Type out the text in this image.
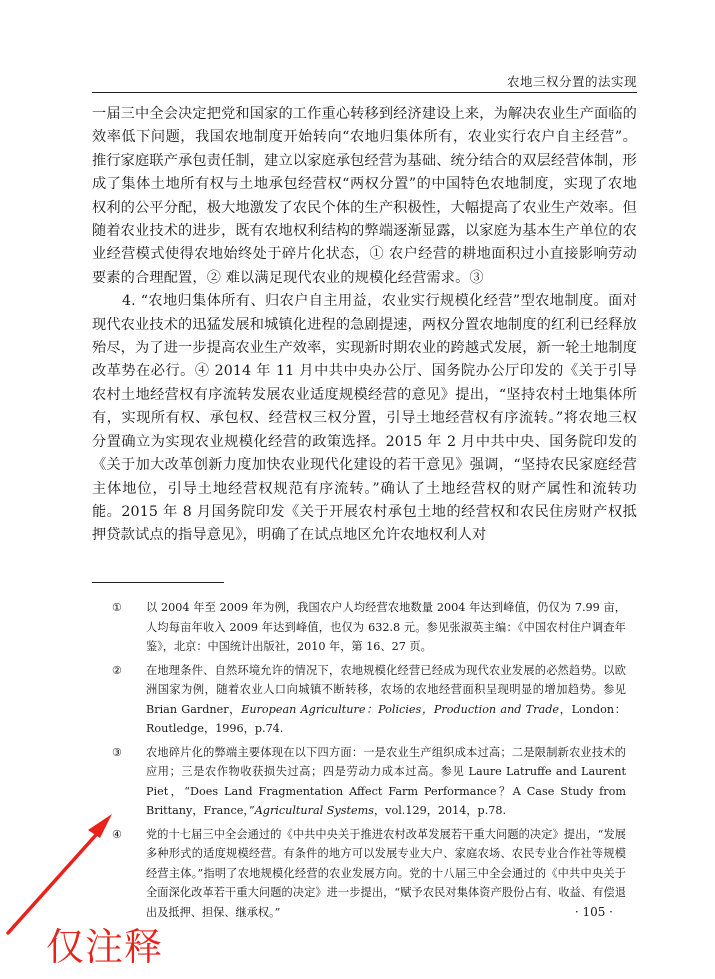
农地三权分置的法实现

一届三中全会决定把党和国家的工作重心转移到经济建设上来，为解决农业生产面临的效率低下问题，我国农地制度开始转向“农地归集体所有，农业实行农户自主经营”。推行家庭联产承包责任制，建立以家庭承包经营为基础、统分结合的双层经营体制，形成了集体土地所有权与土地承包经营权“两权分置”的中国特色农地制度，实现了农地权利的公平分配，极大地激发了农民个体的生产积极性，大幅提高了农业生产效率。但随着农业技术的进步，既有农地权利结构的弊端逐渐显露，以家庭为基本生产单位的农业经营模式使得农地始终处于碎片化状态，① 农户经营的耕地面积过小直接影响劳动要素的合理配置，② 难以满足现代农业的规模化经营需求。③

4. “农地归集体所有、归农户自主用益，农业实行规模化经营”型农地制度。面对现代农业技术的迅猛发展和城镇化进程的急剧提速，两权分置农地制度的红利已经释放殆尽，为了进一步提高农业生产效率，实现新时期农业的跨越式发展，新一轮土地制度改革势在必行。④ 2014 年 11 月中共中央办公厅、国务院办公厅印发的《关于引导农村土地经营权有序流转发展农业适度规模经营的意见》提出，“坚持农村土地集体所有，实现所有权、承包权、经营权三权分置，引导土地经营权有序流转。”将农地三权分置确立为实现农业规模化经营的政策选择。2015 年 2 月中共中央、国务院印发的《关于加大改革创新力度加快农业现代化建设的若干意见》强调，“坚持农民家庭经营主体地位，引导土地经营权规范有序流转。”确认了土地经营权的财产属性和流转功能。2015 年 8 月国务院印发《关于开展农村承包土地的经营权和农民住房财产权抵押贷款试点的指导意见》，明确了在试点地区允许农地权利人对

① 以 2004 年至 2009 年为例，我国农户人均经营农地数量 2004 年达到峰值，仍仅为 7.99 亩，人均每亩年收入 2009 年达到峰值，也仅为 632.8 元。参见张淑英主编：《中国农村住户调查年鉴》，北京：中国统计出版社，2010 年，第 16、27 页。
② 在地理条件、自然环境允许的情况下，农地规模化经营已经成为现代农业发展的必然趋势。以欧洲国家为例，随着农业人口向城镇不断转移，农场的农地经营面积呈现明显的增加趋势。参见 Brian Gardner，European Agriculture：Policies，Production and Trade，London：Routledge，1996，p.74.
③ 农地碎片化的弊端主要体现在以下四方面：一是农业生产组织成本过高；二是限制新农业技术的应用；三是农作物收获损失过高；四是劳动力成本过高。参见 Laure Latruffe and Laurent Piet，“Does Land Fragmentation Affect Farm Performance？A Case Study from Brittany，France，”Agricultural Systems，vol.129，2014，p.78.
④ 党的十七届三中全会通过的《中共中央关于推进农村改革发展若干重大问题的决定》提出，“发展多种形式的适度规模经营。有条件的地方可以发展专业大户、家庭农场、农民专业合作社等规模经营主体。”指明了农地规模化经营的农业发展方向。党的十八届三中全会通过的《中共中央关于全面深化改革若干重大问题的决定》进一步提出，“赋予农民对集体资产股份占有、收益、有偿退出及抵押、担保、继承权。”	· 105 ·
仅注释
